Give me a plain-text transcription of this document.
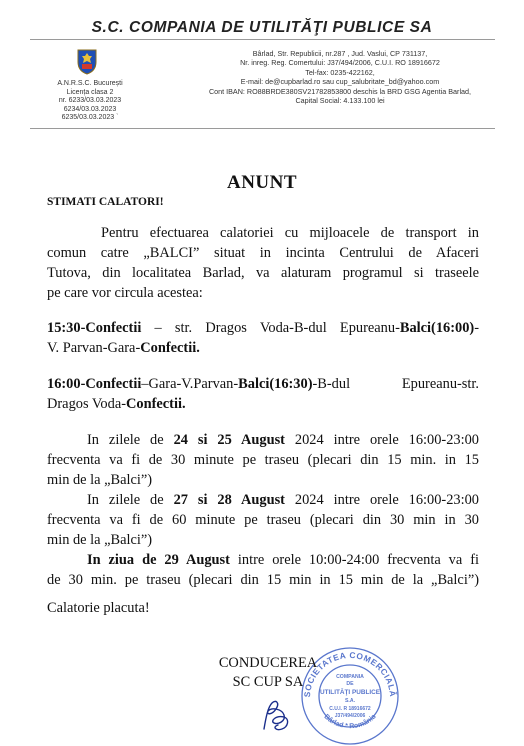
S.C. COMPANIA DE UTILITĂŢI PUBLICE SA
A.N.R.S.C. București
Licența clasa 2
nr. 6233/03.03.2023
6234/03.03.2023
6235/03.03.2023 `
Bârlad, Str. Republicii, nr.287 , Jud. Vaslui, CP 731137,
Nr. inreg. Reg. Comertului: J37/494/2006, C.U.I. RO 18916672
Tel-fax: 0235-422162,
E-mail: de@cupbarlad.ro sau cup_salubritate_bd@yahoo.com
Cont IBAN: RO88BRDE380SV21782853800 deschis la BRD GSG Agentia Barlad,
Capital Social: 4.133.100 lei
ANUNT
STIMATI CALATORI!
Pentru efectuarea calatoriei cu mijloacele de transport in
comun catre „BALCI” situat in incinta Centrului de Afaceri
Tutova, din localitatea Barlad, va alaturam programul si traseele
pe care vor circula acestea:
15:30-Confectii – str. Dragos Voda-B-dul Epureanu-Balci(16:00)-
V. Parvan-Gara-Confectii.
16:00-Confectii–Gara-V.Parvan-Balci(16:30)-B-dul Epureanu-str.
Dragos Voda-Confectii.
In zilele de 24 si 25 August 2024 intre orele 16:00-23:00
frecventa va fi de 30 minute pe traseu (plecari din 15 min. in 15
min de la „Balci”)
In zilele de 27 si 28 August 2024 intre orele 16:00-23:00
frecventa va fi de 60 minute pe traseu (plecari din 30 min in 30
min de la „Balci”)
In ziua de 29 August intre orele 10:00-24:00 frecventa va fi
de 30 min. pe traseu (plecari din 15 min in 15 min de la „Balci”)
Calatorie placuta!
SOCIETATEA COMERCIALĂ
Bârlad * România
COMPANIA
DE
UTILITĂŢI PUBLICE
S.A.
C.U.I. R 18916672
J37/494/2006
CONDUCEREA
SC CUP SA
